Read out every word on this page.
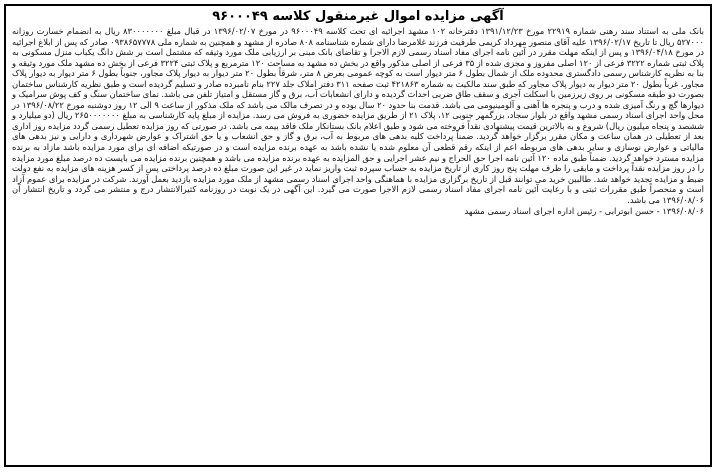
آگهی مزایده اموال غیرمنقول کلاسه ۹۶۰۰۰۴۹

بانک ملی به استناد سند رهنی شماره ۲۲۹۱۹ مورخ ۱۳۹۱/۱۲/۲۳ دفترخانه ۱۰۲ مشهد اجرائیه ای تحت کلاسه ۹۶۰۰۰۴۹ در مورخ ۱۳۹۶/۰۲/۰۷ در قبال مبلغ ۸۳۰۰۰۰۰۰۰ ریال به انضمام خسارت روزانه ۵۲۷۰۰۰ ریال تا تاریخ ۱۳۹۶/۰۲/۱۷ علیه آقای منصور مهرداد کریمی طرفیت فرزند غلامرضا دارای شماره شناسنامه ۸۰۸ صادره از مشهد و همچنین به شماره ملی ۰۹۳۸۶۵۷۷۷۸ صادر که پس از ابلاغ اجرائیه در مورخ ۱۳۹۶/۰۴/۱۸ و پس از اینکه مهلت مقرر در آئین نامه اجرای مفاد اسناد رسمی لازم الاجرا و تقاضای بانک مبنی بر ارزیابی ملک مورد وثیقه که مشتمل است بر شش دانگ یکباب منزل مسکونی به پلاک ثبتی شماره ۳۲۲۲ فرعی از ۱۲۰ اصلی مفروز و مجزی شده از ۳۵ فرعی از اصلی مذکور واقع در بخش ده مشهد به مساحت ۱۲۰ مترمربع و پلاک ثبتی ۳۲۲۴ فرعی از بخش ده مشهد ملک مورد وثیقه و بنا به نظریه کارشناس رسمی دادگستری محدوده ملک از شمال بطول ۶ متر دیوار است به کوچه عمومی بعرض ۸ متر، شرقاً بطول ۲۰ متر دیوار به دیوار پلاک مجاور، جنوباً بطول ۶ متر دیوار به دیوار پلاک مجاور، غرباً بطول ۲۰ متر دیوار به دیوار پلاک مجاور که طبق سند مالکیت به شماره ۴۲۱۸۶۳ ثبت صفحه ۳۱۱ دفتر املاک جلد ۲۲۷ بنام نامبرده صادر و تسلیم گردیده است و طبق نظریه کارشناس ساختمان بصورت دو طبقه مسکونی بر روی زیرزمین با اسکلت آجری و سقف طاق ضربی احداث گردیده و دارای انشعابات آب، برق و گاز مستقل و امتیاز تلفن می باشد. نمای ساختمان سنگ و کف پوش سرامیک و دیوارها گچ و رنگ آمیزی شده و درب و پنجره ها آهنی و آلومینیومی می باشد. قدمت بنا حدود ۲۰ سال بوده و در تصرف مالک می باشد که ملک مذکور از ساعت ۹ الی ۱۲ روز دوشنبه مورخ ۱۳۹۶/۰۸/۲۲ در محل واحد اجرای اسناد رسمی مشهد واقع در بلوار سجاد، بزرگمهر جنوبی ۱۲، پلاک ۲۱ از طریق مزایده حضوری به فروش می رسد. مزایده از مبلغ پایه کارشناسی به مبلغ ۲۶۵۰۰۰۰۰۰۰ ریال (دو میلیارد و ششصد و پنجاه میلیون ریال) شروع و به بالاترین قیمت پیشنهادی نقداً فروخته می شود و طبق اعلام بانک بستانکار ملک فاقد بیمه می باشد. در صورتی که روز مزایده تعطیل رسمی گردد مزایده روز اداری بعد از تعطیلی در همان ساعت و مکان مقرر برگزار خواهد گردید. ضمناً پرداخت کلیه بدهی های مربوط به آب، برق و گاز و حق انشعاب و یا حق اشتراک و عوارض شهرداری و دارایی و نیز بدهی های مالیاتی و عوارض نوسازی و سایر بدهی های مربوطه اعم از اینکه رقم قطعی آن معلوم شده یا نشده باشد به عهده برنده مزایده است و در صورتیکه اضافه ای برای مورد مزایده باشد مازاد به برنده مزایده مسترد خواهد گردید. ضمناً طبق ماده ۱۲۰ آئین نامه اجرا حق الحراج و نیم عشر اجرایی و حق المزایده به عهده برنده مزایده می باشد و همچنین برنده مزایده می بایست ده درصد مبلغ مورد مزایده را در روز مزایده نقداً پرداخت و مابقی را ظرف مهلت پنج روز کاری از تاریخ مزایده به حساب سپرده ثبت واریز نماید در غیر این صورت مبلغ ده درصد پرداختی پس از کسر هزینه های مزایده به نفع دولت ضبط و مزایده تجدید خواهد شد. طالبین خرید می توانند قبل از تاریخ برگزاری مزایده با هماهنگی واحد اجرای اسناد رسمی مشهد از ملک مورد مزایده بازدید بعمل آورند. شرکت در مزایده برای عموم آزاد است و منحصراً طبق مقررات ثبتی و با رعایت آئین نامه اجرای مفاد اسناد رسمی لازم الاجرا صورت می گیرد. این آگهی در یک نوبت در روزنامه کثیرالانتشار درج و منتشر می گردد و تاریخ انتشار آن ۱۳۹۶/۰۸/۰۶ می باشد.

۱۳۹۶/۰۸/۰۶ - حسن ابوترابی - رئیس اداره اجرای اسناد رسمی مشهد
